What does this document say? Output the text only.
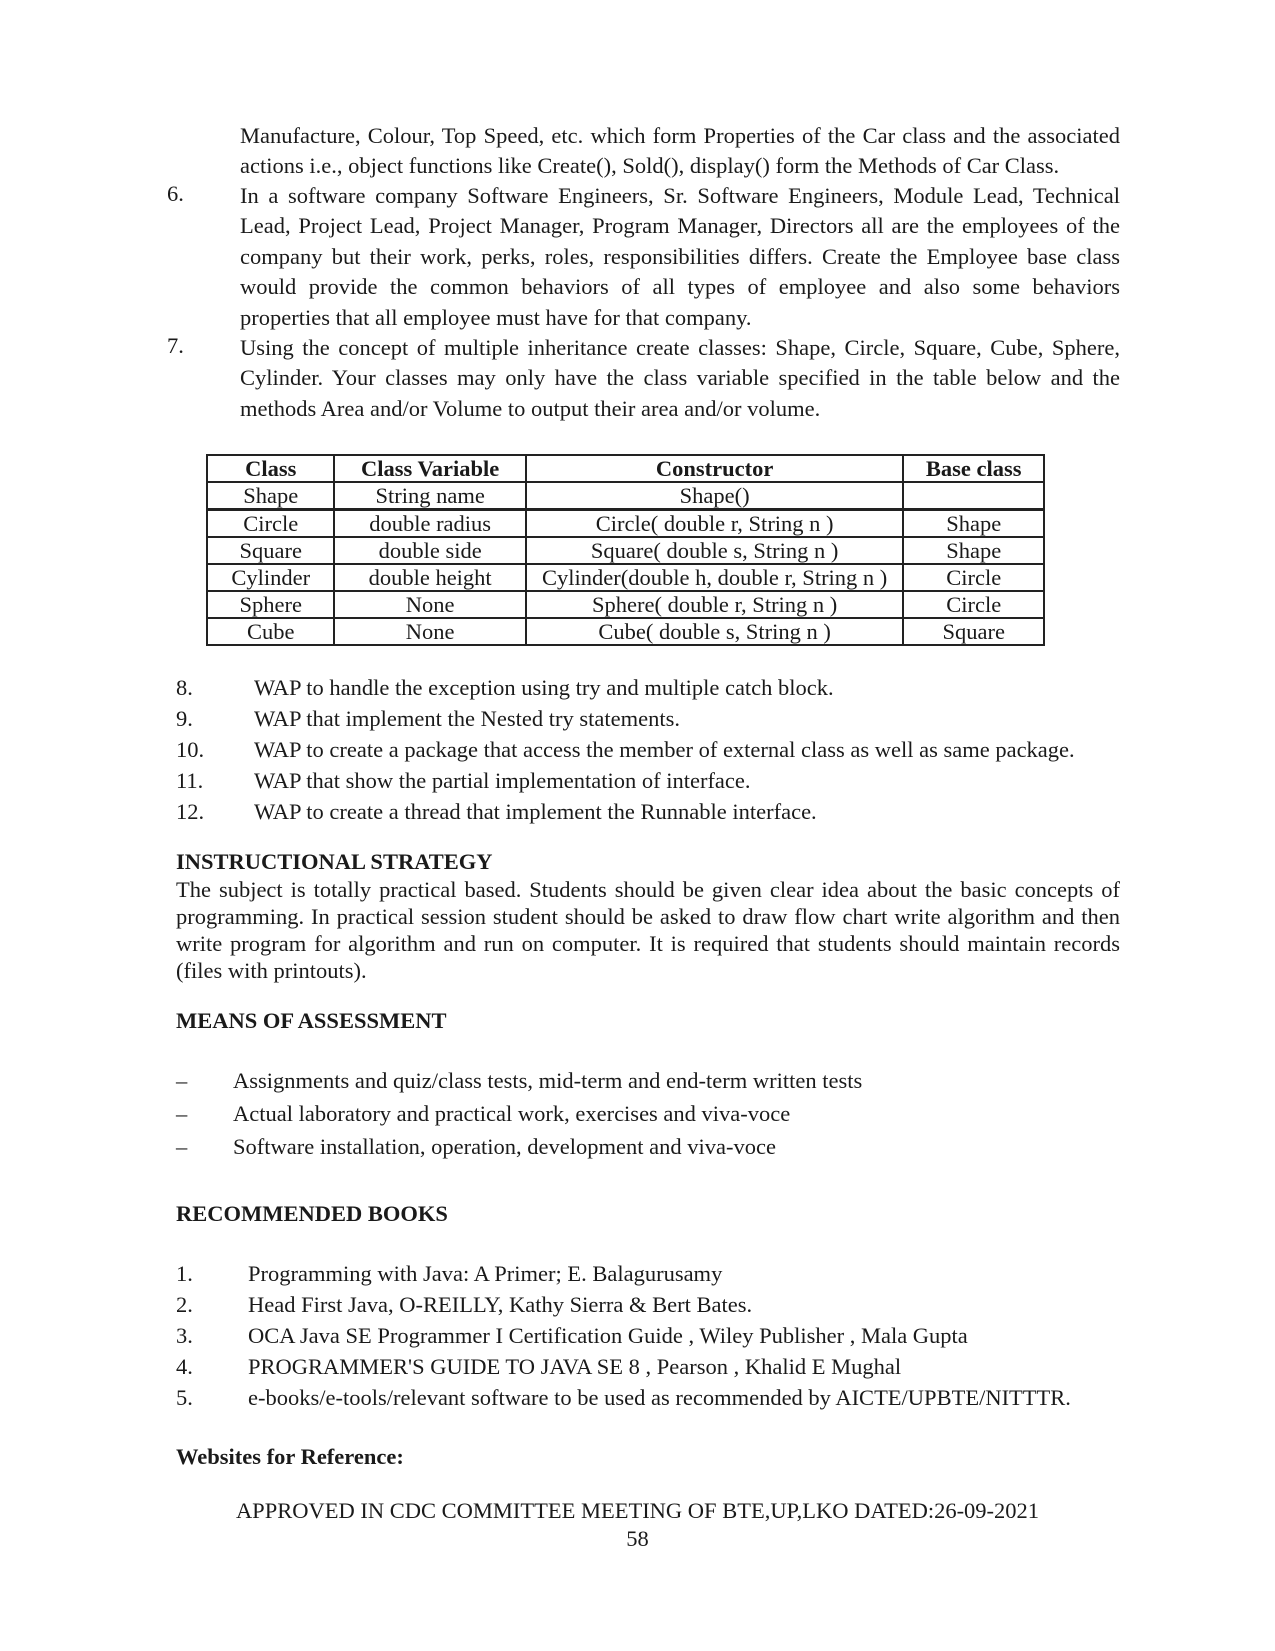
Manufacture, Colour, Top Speed, etc. which form Properties of the Car class and the associated actions i.e., object functions like Create(), Sold(), display() form the Methods of Car Class.
6. In a software company Software Engineers, Sr. Software Engineers, Module Lead, Technical Lead, Project Lead, Project Manager, Program Manager, Directors all are the employees of the company but their work, perks, roles, responsibilities differs. Create the Employee base class would provide the common behaviors of all types of employee and also some behaviors properties that all employee must have for that company.
7. Using the concept of multiple inheritance create classes: Shape, Circle, Square, Cube, Sphere, Cylinder. Your classes may only have the class variable specified in the table below and the methods Area and/or Volume to output their area and/or volume.
Class	Class Variable	Constructor	Base class
Shape	String name	Shape()	
Circle	double radius	Circle( double r, String n )	Shape
Square	double side	Square( double s, String n )	Shape
Cylinder	double height	Cylinder(double h, double r, String n )	Circle
Sphere	None	Sphere( double r, String n )	Circle
Cube	None	Cube( double s, String n )	Square
8.	WAP to handle the exception using try and multiple catch block.
9.	WAP that implement the Nested try statements.
10. WAP to create a package that access the member of external class as well as same package.
11. WAP that show the partial implementation of interface.
12. WAP to create a thread that implement the Runnable interface.
INSTRUCTIONAL STRATEGY
The subject is totally practical based. Students should be given clear idea about the basic concepts of programming. In practical session student should be asked to draw flow chart write algorithm and then write program for algorithm and run on computer. It is required that students should maintain records (files with printouts).
MEANS OF ASSESSMENT
– Assignments and quiz/class tests, mid-term and end-term written tests
– Actual laboratory and practical work, exercises and viva-voce
– Software installation, operation, development and viva-voce
RECOMMENDED BOOKS
1. Programming with Java: A Primer; E. Balagurusamy
2. Head First Java, O-REILLY, Kathy Sierra & Bert Bates.
3. OCA Java SE Programmer I Certification Guide , Wiley Publisher , Mala Gupta
4. PROGRAMMER'S GUIDE TO JAVA SE 8 , Pearson , Khalid E Mughal
5. e-books/e-tools/relevant software to be used as recommended by AICTE/UPBTE/NITTTR.
Websites for Reference:
APPROVED IN CDC COMMITTEE MEETING OF BTE,UP,LKO DATED:26-09-2021
58
